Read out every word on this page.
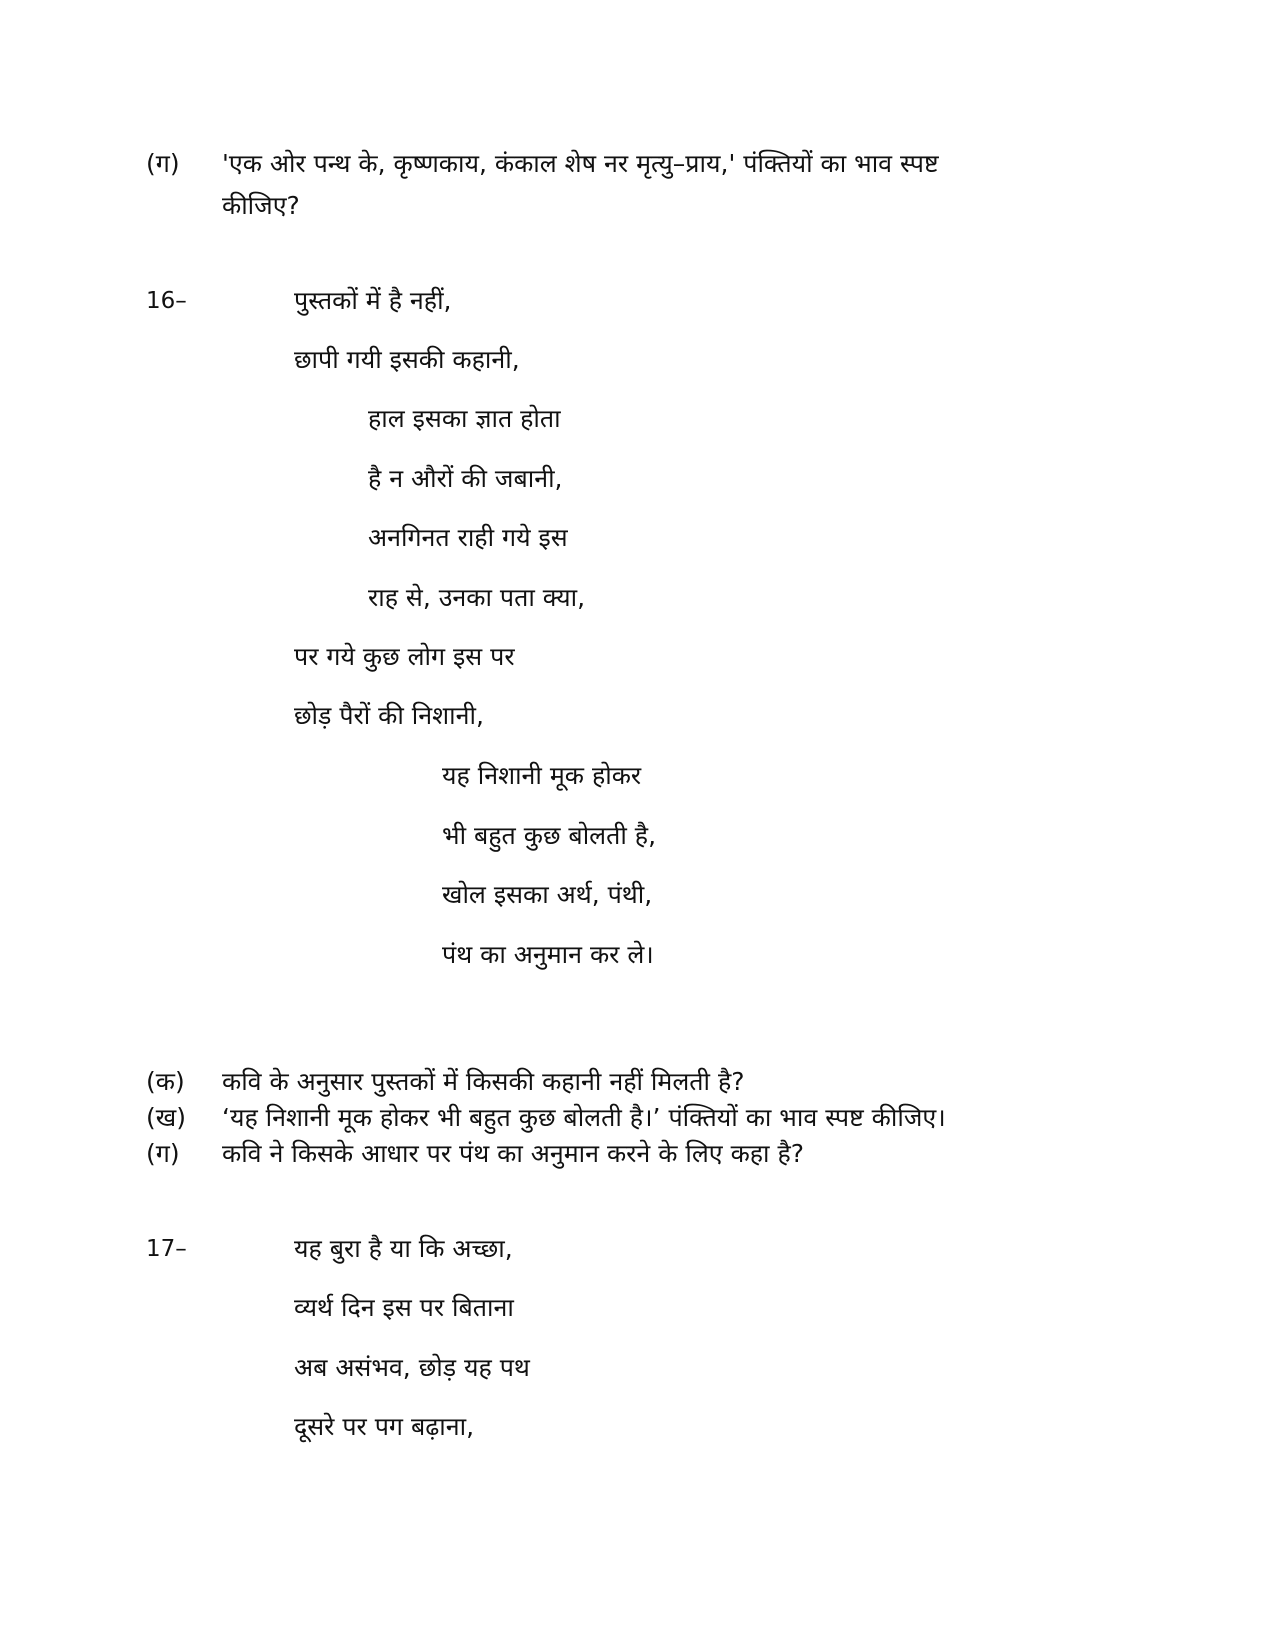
(ग) 'एक ओर पन्थ के, कृष्णकाय, कंकाल शेष नर मृत्यु–प्राय,' पंक्तियों का भाव स्पष्ट
कीजिए?
16–	पुस्तकों में है नहीं,
छापी गयी इसकी कहानी,
हाल इसका ज्ञात होता
है न औरों की जबानी,
अनगिनत राही गये इस
राह से, उनका पता क्या,
पर गये कुछ लोग इस पर
छोड़ पैरों की निशानी,
यह निशानी मूक होकर
भी बहुत कुछ बोलती है,
खोल इसका अर्थ, पंथी,
पंथ का अनुमान कर ले।
(क) कवि के अनुसार पुस्तकों में किसकी कहानी नहीं मिलती है?
(ख) ‘यह निशानी मूक होकर भी बहुत कुछ बोलती है।’ पंक्तियों का भाव स्पष्ट कीजिए।
(ग) कवि ने किसके आधार पर पंथ का अनुमान करने के लिए कहा है?
17–	यह बुरा है या कि अच्छा,
व्यर्थ दिन इस पर बिताना
अब असंभव, छोड़ यह पथ
दूसरे पर पग बढ़ाना,
